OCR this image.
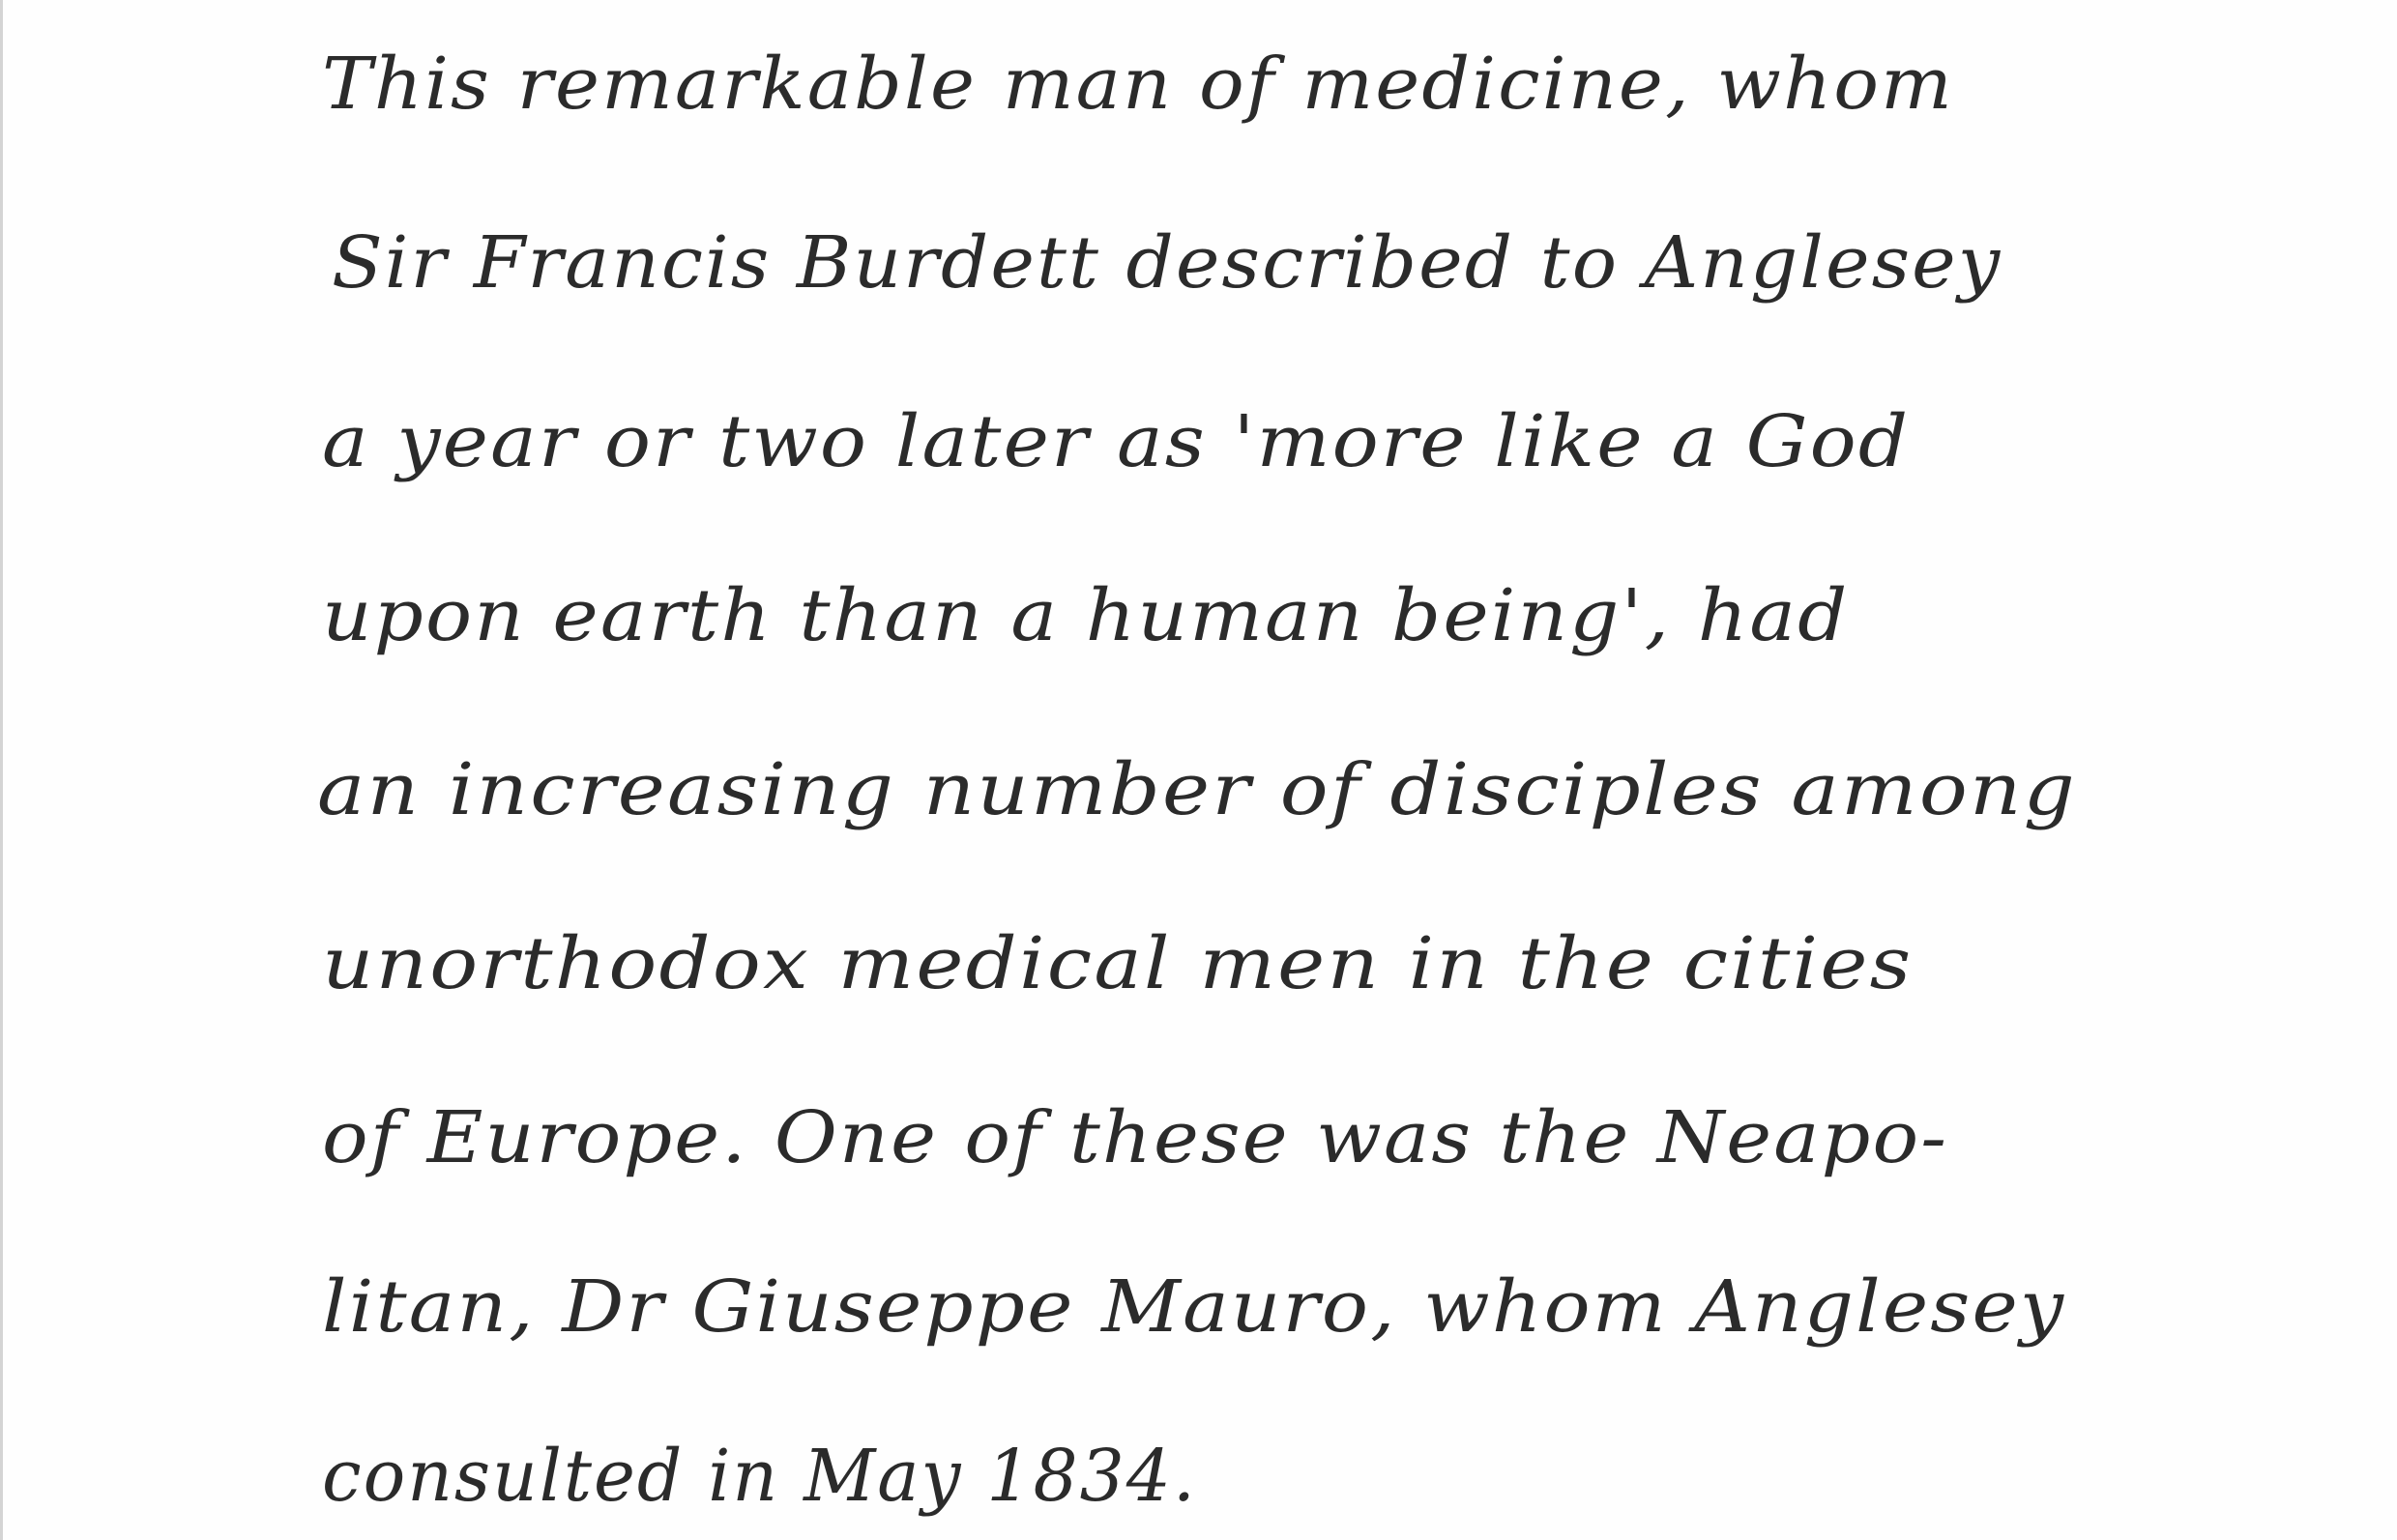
This remarkable man of medicine, whom
Sir Francis Burdett described to Anglesey
a year or two later as 'more like a God
upon earth than a human being', had
an increasing number of disciples among
unorthodox medical men in the cities
of Europe. One of these was the Neapo-
litan, Dr Giuseppe Mauro, whom Anglesey
consulted in May 1834.
